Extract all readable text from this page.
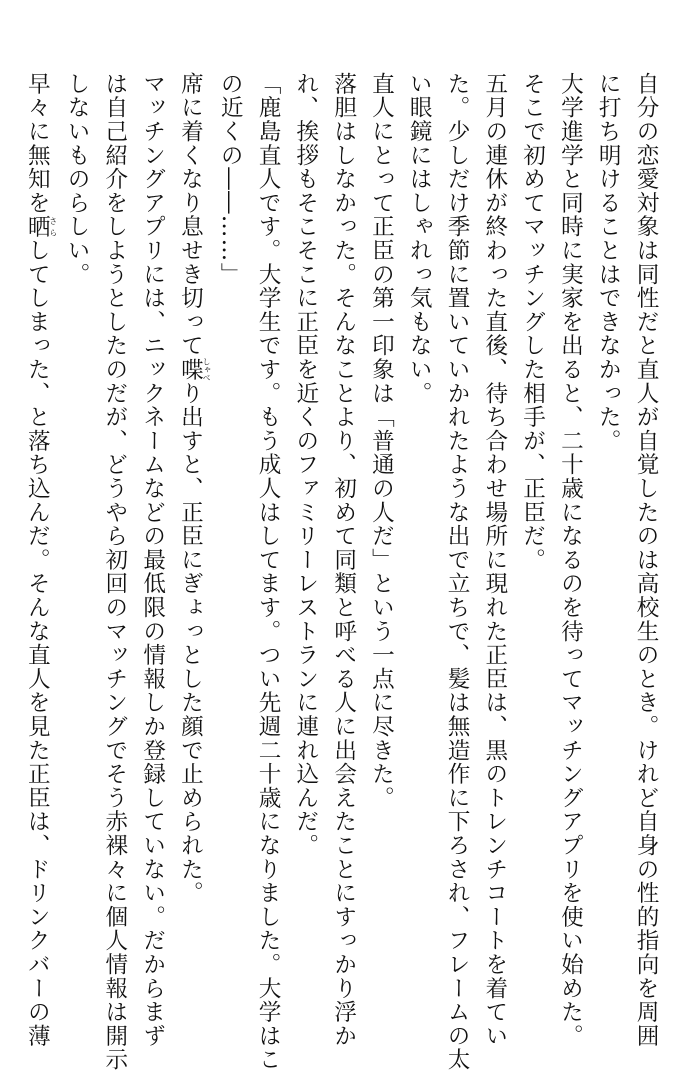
自分の恋愛対象は同性だと直人が自覚したのは高校生のとき。けれど自身の性的指向を周囲

に打ち明けることはできなかった。

大学進学と同時に実家を出ると、二十歳になるのを待ってマッチングアプリを使い始めた。

そこで初めてマッチングした相手が、正臣だ。

五月の連休が終わった直後、待ち合わせ場所に現れた正臣は、黒のトレンチコートを着てい

た。少しだけ季節に置いていかれたような出で立ちで、髪は無造作に下ろされ、フレームの太

い眼鏡にはしゃれっ気もない。

直人にとって正臣の第一印象は「普通の人だ」という一点に尽きた。

落胆はしなかった。そんなことより、初めて同類と呼べる人に出会えたことにすっかり浮か

れ、挨拶もそこそこに正臣を近くのファミリーレストランに連れ込んだ。

「鹿島直人です。大学生です。もう成人はしてます。つい先週二十歳になりました。大学はこ

の近くの――……」

席に着くなり息せき切って喋しゃべり出すと、正臣にぎょっとした顔で止められた。

マッチングアプリには、ニックネームなどの最低限の情報しか登録していない。だからまず

は自己紹介をしようとしたのだが、どうやら初回のマッチングでそう赤裸々に個人情報は開示

しないものらしい。

早々に無知を晒さらしてしまった、と落ち込んだ。そんな直人を見た正臣は、ドリンクバーの薄
